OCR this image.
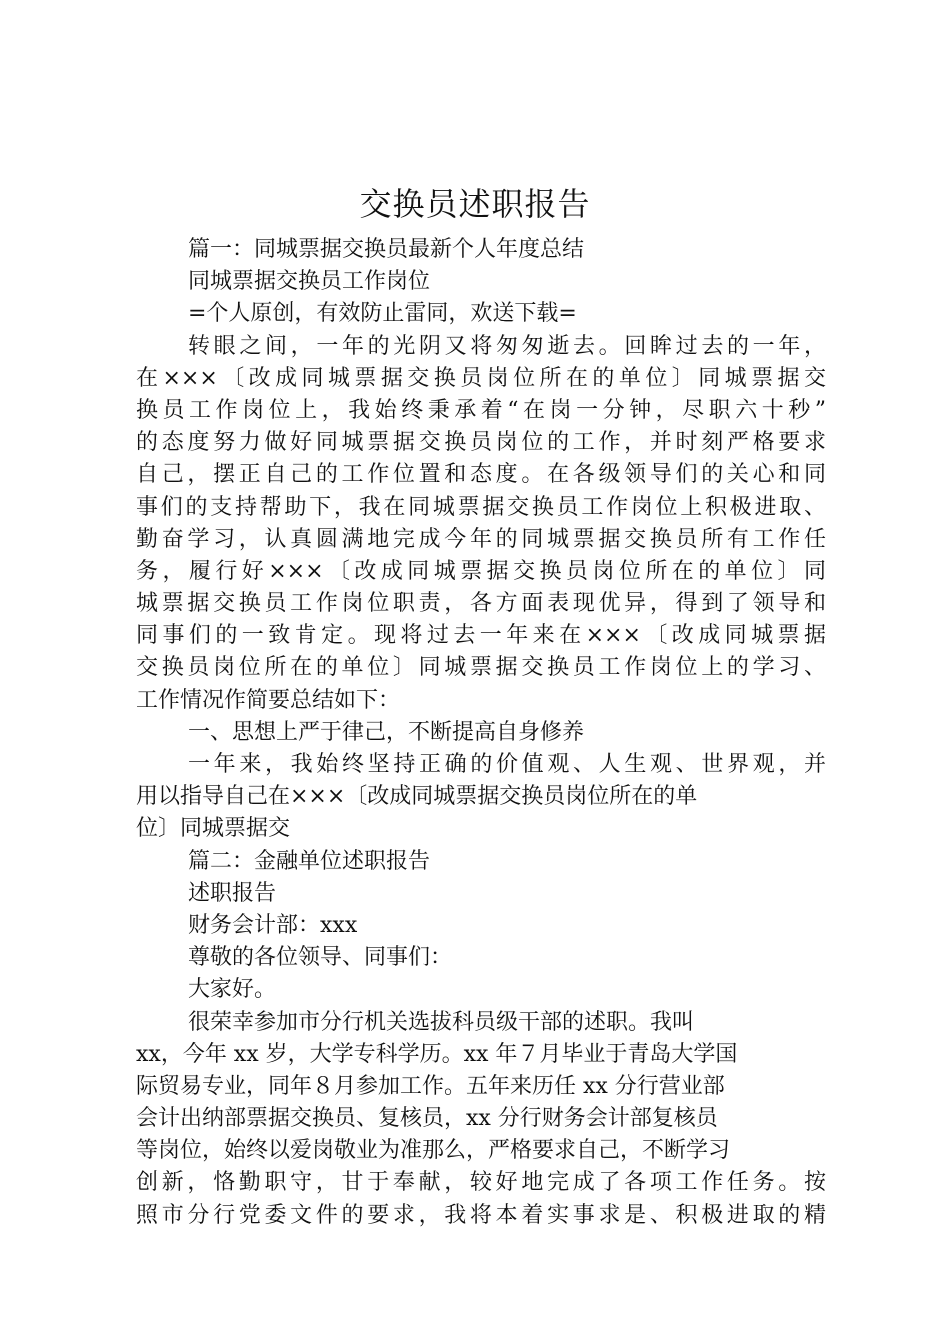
交换员述职报告
篇一：同城票据交换员最新个人年度总结
同城票据交换员工作岗位
=个人原创，有效防止雷同，欢送下载=
转眼之间，一年的光阴又将匆匆逝去。回眸过去的一年，
在×××〔改成同城票据交换员岗位所在的单位〕同城票据交
换员工作岗位上，我始终秉承着“在岗一分钟，尽职六十秒”
的态度努力做好同城票据交换员岗位的工作，并时刻严格要求
自己，摆正自己的工作位置和态度。在各级领导们的关心和同
事们的支持帮助下，我在同城票据交换员工作岗位上积极进取、
勤奋学习，认真圆满地完成今年的同城票据交换员所有工作任
务，履行好×××〔改成同城票据交换员岗位所在的单位〕同
城票据交换员工作岗位职责，各方面表现优异，得到了领导和
同事们的一致肯定。现将过去一年来在×××〔改成同城票据
交换员岗位所在的单位〕同城票据交换员工作岗位上的学习、
工作情况作简要总结如下：
一、思想上严于律己，不断提高自身修养
一年来，我始终坚持正确的价值观、人生观、世界观，并
用以指导自己在×××〔改成同城票据交换员岗位所在的单
位〕同城票据交
篇二：金融单位述职报告
述职报告
财务会计部：xxx
尊敬的各位领导、同事们：
大家好。
很荣幸参加市分行机关选拔科员级干部的述职。我叫
xx，今年 xx 岁，大学专科学历。xx 年７月毕业于青岛大学国
际贸易专业，同年８月参加工作。五年来历任 xx 分行营业部
会计出纳部票据交换员、复核员，xx 分行财务会计部复核员
等岗位，始终以爱岗敬业为准那么，严格要求自己，不断学习
创新，恪勤职守，甘于奉献，较好地完成了各项工作任务。按
照市分行党委文件的要求，我将本着实事求是、积极进取的精
